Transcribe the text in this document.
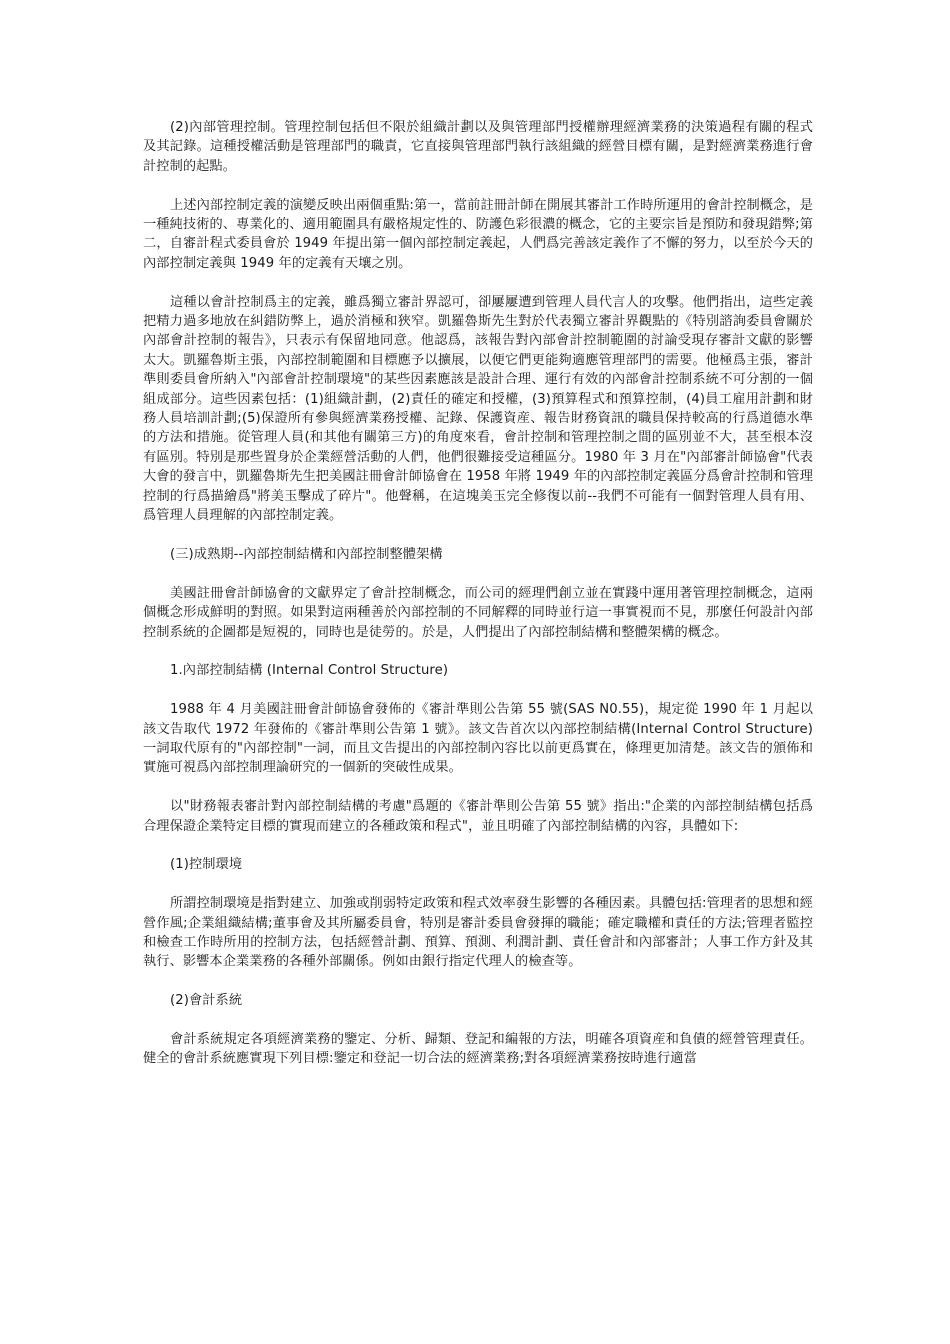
(2)內部管理控制。管理控制包括但不限於組織計劃以及與管理部門授權辦理經濟業務的決策過程有關的程式及其記錄。這種授權活動是管理部門的職責，它直接與管理部門執行該組織的經營目標有關，是對經濟業務進行會計控制的起點。

上述內部控制定義的演變反映出兩個重點:第一，當前註冊計師在開展其審計工作時所運用的會計控制概念，是一種純技術的、專業化的、適用範圍具有嚴格規定性的、防護色彩很濃的概念，它的主要宗旨是預防和發現錯弊;第二，自審計程式委員會於 1949 年提出第一個內部控制定義起，人們爲完善該定義作了不懈的努力，以至於今天的內部控制定義與 1949 年的定義有天壤之別。

這種以會計控制爲主的定義，雖爲獨立審計界認可，卻屢屢遭到管理人員代言人的攻擊。他們指出，這些定義把精力過多地放在糾錯防弊上，過於消極和狹窄。凱羅魯斯先生對於代表獨立審計界觀點的《特別諮詢委員會關於內部會計控制的報告》，只表示有保留地同意。他認爲，該報告對內部會計控制範圍的討論受現存審計文獻的影響太大。凱羅魯斯主張，內部控制範圍和目標應予以擴展，以便它們更能夠適應管理部門的需要。他極爲主張，審計準則委員會所納入"內部會計控制環境"的某些因素應該是設計合理、運行有效的內部會計控制系統不可分割的一個組成部分。這些因素包括：(1)組織計劃，(2)責任的確定和授權，(3)預算程式和預算控制，(4)員工雇用計劃和財務人員培訓計劃;(5)保證所有參與經濟業務授權、記錄、保護資産、報告財務資訊的職員保持較高的行爲道德水準的方法和措施。從管理人員(和其他有關第三方)的角度來看，會計控制和管理控制之間的區別並不大，甚至根本沒有區別。特別是那些置身於企業經營活動的人們，他們很難接受這種區分。1980 年 3 月在"內部審計師協會"代表大會的發言中，凱羅魯斯先生把美國註冊會計師協會在 1958 年將 1949 年的內部控制定義區分爲會計控制和管理控制的行爲描繪爲"將美玉擊成了碎片"。他聲稱，在這塊美玉完全修復以前--我們不可能有一個對管理人員有用、爲管理人員理解的內部控制定義。

(三)成熟期--內部控制結構和內部控制整體架構

美國註冊會計師協會的文獻界定了會計控制概念，而公司的經理們創立並在實踐中運用著管理控制概念，這兩個概念形成鮮明的對照。如果對這兩種善於內部控制的不同解釋的同時並行這一事實視而不見，那麼任何設計內部控制系統的企圖都是短視的，同時也是徒勞的。於是，人們提出了內部控制結構和整體架構的概念。

1.內部控制結構 (Internal Control Structure)

1988 年 4 月美國註冊會計師協會發佈的《審計準則公告第 55 號(SAS N0.55)，規定從 1990 年 1 月起以該文告取代 1972 年發佈的《審計準則公告第 1 號》。該文告首次以內部控制結構(Internal Control Structure)一詞取代原有的"內部控制"一詞，而且文告提出的內部控制內容比以前更爲實在，條理更加清楚。該文告的頒佈和實施可視爲內部控制理論研究的一個新的突破性成果。

以"財務報表審計對內部控制結構的考慮"爲題的《審計準則公告第 55 號》指出:"企業的內部控制結構包括爲合理保證企業特定目標的實現而建立的各種政策和程式"，並且明確了內部控制結構的內容，具體如下:

(1)控制環境

所謂控制環境是指對建立、加強或削弱特定政策和程式效率發生影響的各種因素。具體包括:管理者的思想和經營作風;企業組織結構;董事會及其所屬委員會，特別是審計委員會發揮的職能；確定職權和責任的方法;管理者監控和檢查工作時所用的控制方法，包括經營計劃、預算、預測、利潤計劃、責任會計和內部審計；人事工作方針及其執行、影響本企業業務的各種外部關係。例如由銀行指定代理人的檢查等。

(2)會計系統

會計系統規定各項經濟業務的鑒定、分析、歸類、登記和編報的方法，明確各項資産和負債的經營管理責任。健全的會計系統應實現下列目標:鑒定和登記一切合法的經濟業務;對各項經濟業務按時進行適當
